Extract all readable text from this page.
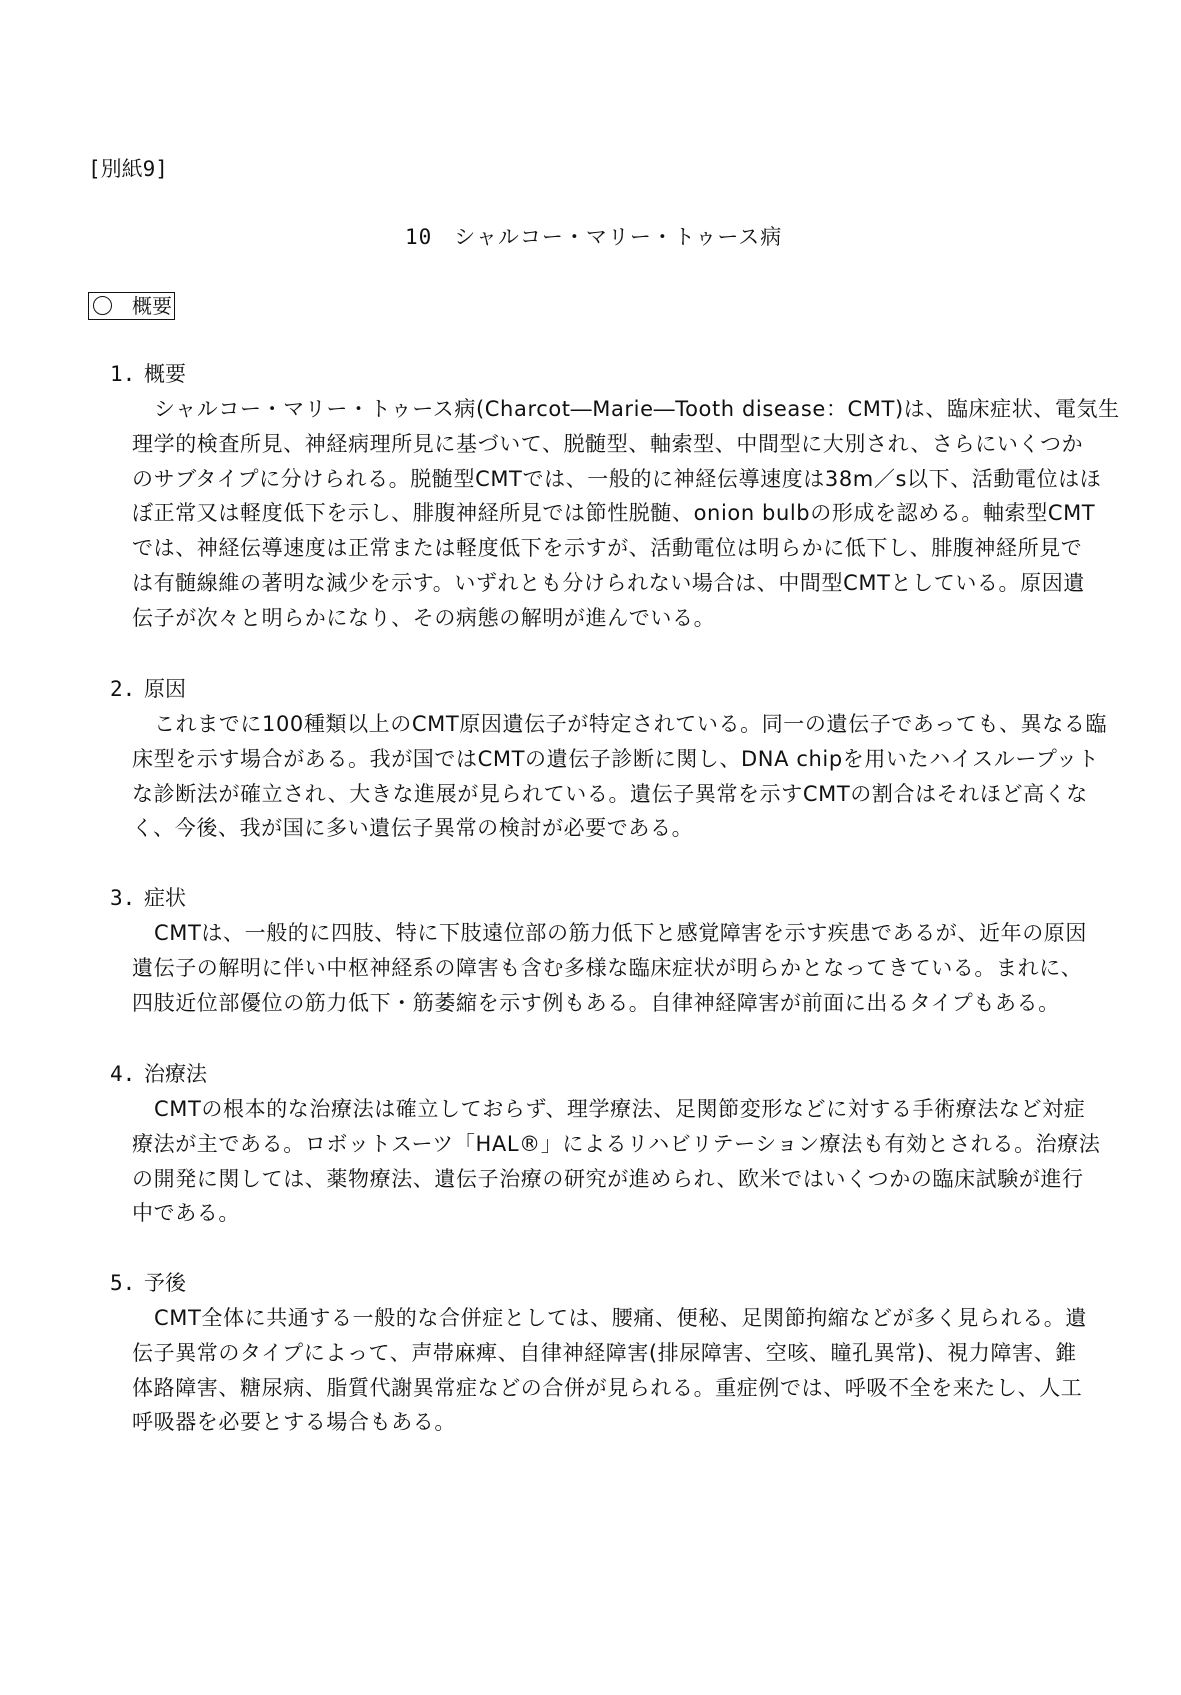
[別紙9]
10　シャルコー・マリー・トゥース病
概要
1. 概要
シャルコー・マリー・トゥース病(Charcot―Marie―Tooth disease：CMT)は、臨床症状、電気生
理学的検査所見、神経病理所見に基づいて、脱髄型、軸索型、中間型に大別され、さらにいくつか
のサブタイプに分けられる。脱髄型CMTでは、一般的に神経伝導速度は38m／s以下、活動電位はほ
ぼ正常又は軽度低下を示し、腓腹神経所見では節性脱髄、onion bulbの形成を認める。軸索型CMT
では、神経伝導速度は正常または軽度低下を示すが、活動電位は明らかに低下し、腓腹神経所見で
は有髄線維の著明な減少を示す。いずれとも分けられない場合は、中間型CMTとしている。原因遺
伝子が次々と明らかになり、その病態の解明が進んでいる。
2. 原因
これまでに100種類以上のCMT原因遺伝子が特定されている。同一の遺伝子であっても、異なる臨
床型を示す場合がある。我が国ではCMTの遺伝子診断に関し、DNA chipを用いたハイスループット
な診断法が確立され、大きな進展が見られている。遺伝子異常を示すCMTの割合はそれほど高くな
く、今後、我が国に多い遺伝子異常の検討が必要である。
3. 症状
CMTは、一般的に四肢、特に下肢遠位部の筋力低下と感覚障害を示す疾患であるが、近年の原因
遺伝子の解明に伴い中枢神経系の障害も含む多様な臨床症状が明らかとなってきている。まれに、
四肢近位部優位の筋力低下・筋萎縮を示す例もある。自律神経障害が前面に出るタイプもある。
4. 治療法
CMTの根本的な治療法は確立しておらず、理学療法、足関節変形などに対する手術療法など対症
療法が主である。ロボットスーツ「HAL®」によるリハビリテーション療法も有効とされる。治療法
の開発に関しては、薬物療法、遺伝子治療の研究が進められ、欧米ではいくつかの臨床試験が進行
中である。
5. 予後
CMT全体に共通する一般的な合併症としては、腰痛、便秘、足関節拘縮などが多く見られる。遺
伝子異常のタイプによって、声帯麻痺、自律神経障害(排尿障害、空咳、瞳孔異常)、視力障害、錐
体路障害、糖尿病、脂質代謝異常症などの合併が見られる。重症例では、呼吸不全を来たし、人工
呼吸器を必要とする場合もある。
